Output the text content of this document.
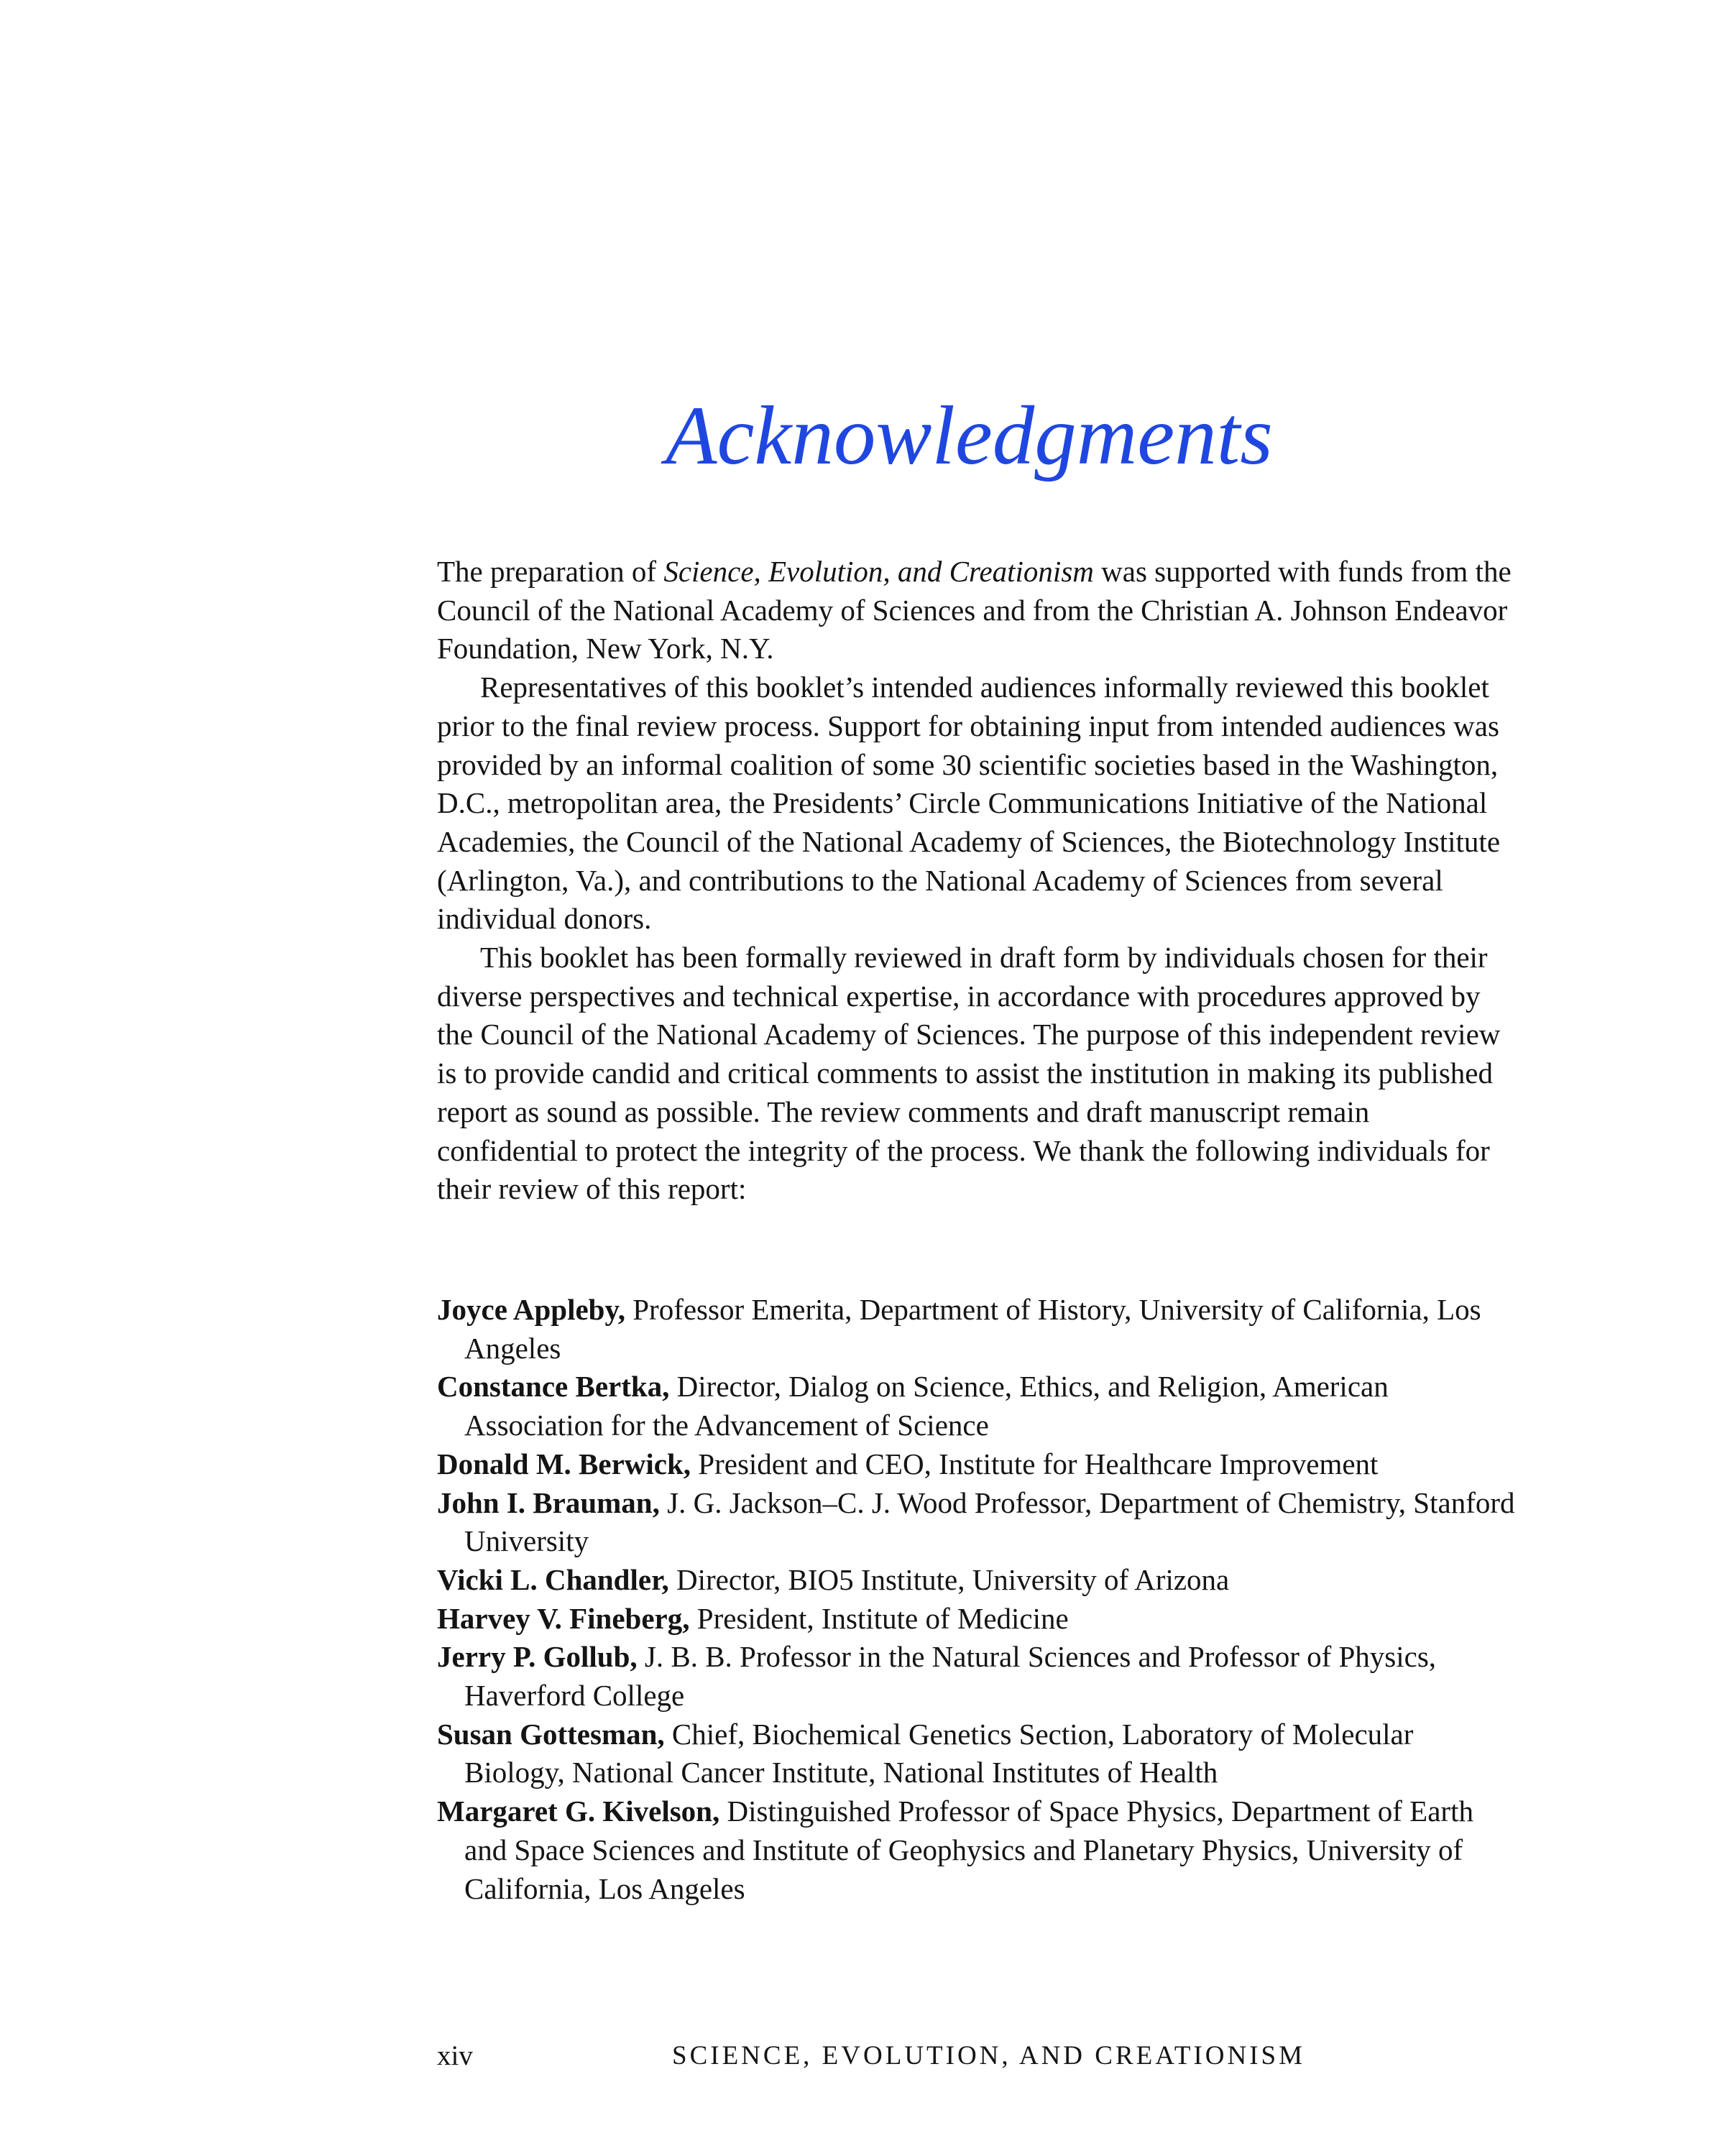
Acknowledgments

The preparation of Science, Evolution, and Creationism was supported with funds from the Council of the National Academy of Sciences and from the Christian A. Johnson Endeavor Foundation, New York, N.Y.

Representatives of this booklet’s intended audiences informally reviewed this booklet prior to the final review process. Support for obtaining input from intended audiences was provided by an informal coalition of some 30 scientific societies based in the Washington, D.C., metropolitan area, the Presidents’ Circle Communications Initiative of the National Academies, the Council of the National Academy of Sciences, the Biotechnology Institute (Arlington, Va.), and contributions to the National Academy of Sciences from several individual donors.

This booklet has been formally reviewed in draft form by individuals chosen for their diverse perspectives and technical expertise, in accordance with procedures approved by the Council of the National Academy of Sciences. The purpose of this independent review is to provide candid and critical comments to assist the institution in making its published report as sound as possible. The review comments and draft manuscript remain confidential to protect the integrity of the process. We thank the following individuals for their review of this report:

Joyce Appleby, Professor Emerita, Department of History, University of California, Los Angeles
Constance Bertka, Director, Dialog on Science, Ethics, and Religion, American Association for the Advancement of Science
Donald M. Berwick, President and CEO, Institute for Healthcare Improvement
John I. Brauman, J. G. Jackson–C. J. Wood Professor, Department of Chemistry, Stanford University
Vicki L. Chandler, Director, BIO5 Institute, University of Arizona
Harvey V. Fineberg, President, Institute of Medicine
Jerry P. Gollub, J. B. B. Professor in the Natural Sciences and Professor of Physics, Haverford College
Susan Gottesman, Chief, Biochemical Genetics Section, Laboratory of Molecular Biology, National Cancer Institute, National Institutes of Health
Margaret G. Kivelson, Distinguished Professor of Space Physics, Department of Earth and Space Sciences and Institute of Geophysics and Planetary Physics, University of California, Los Angeles
xiv	SCIENCE, EVOLUTION, AND CREATIONISM
